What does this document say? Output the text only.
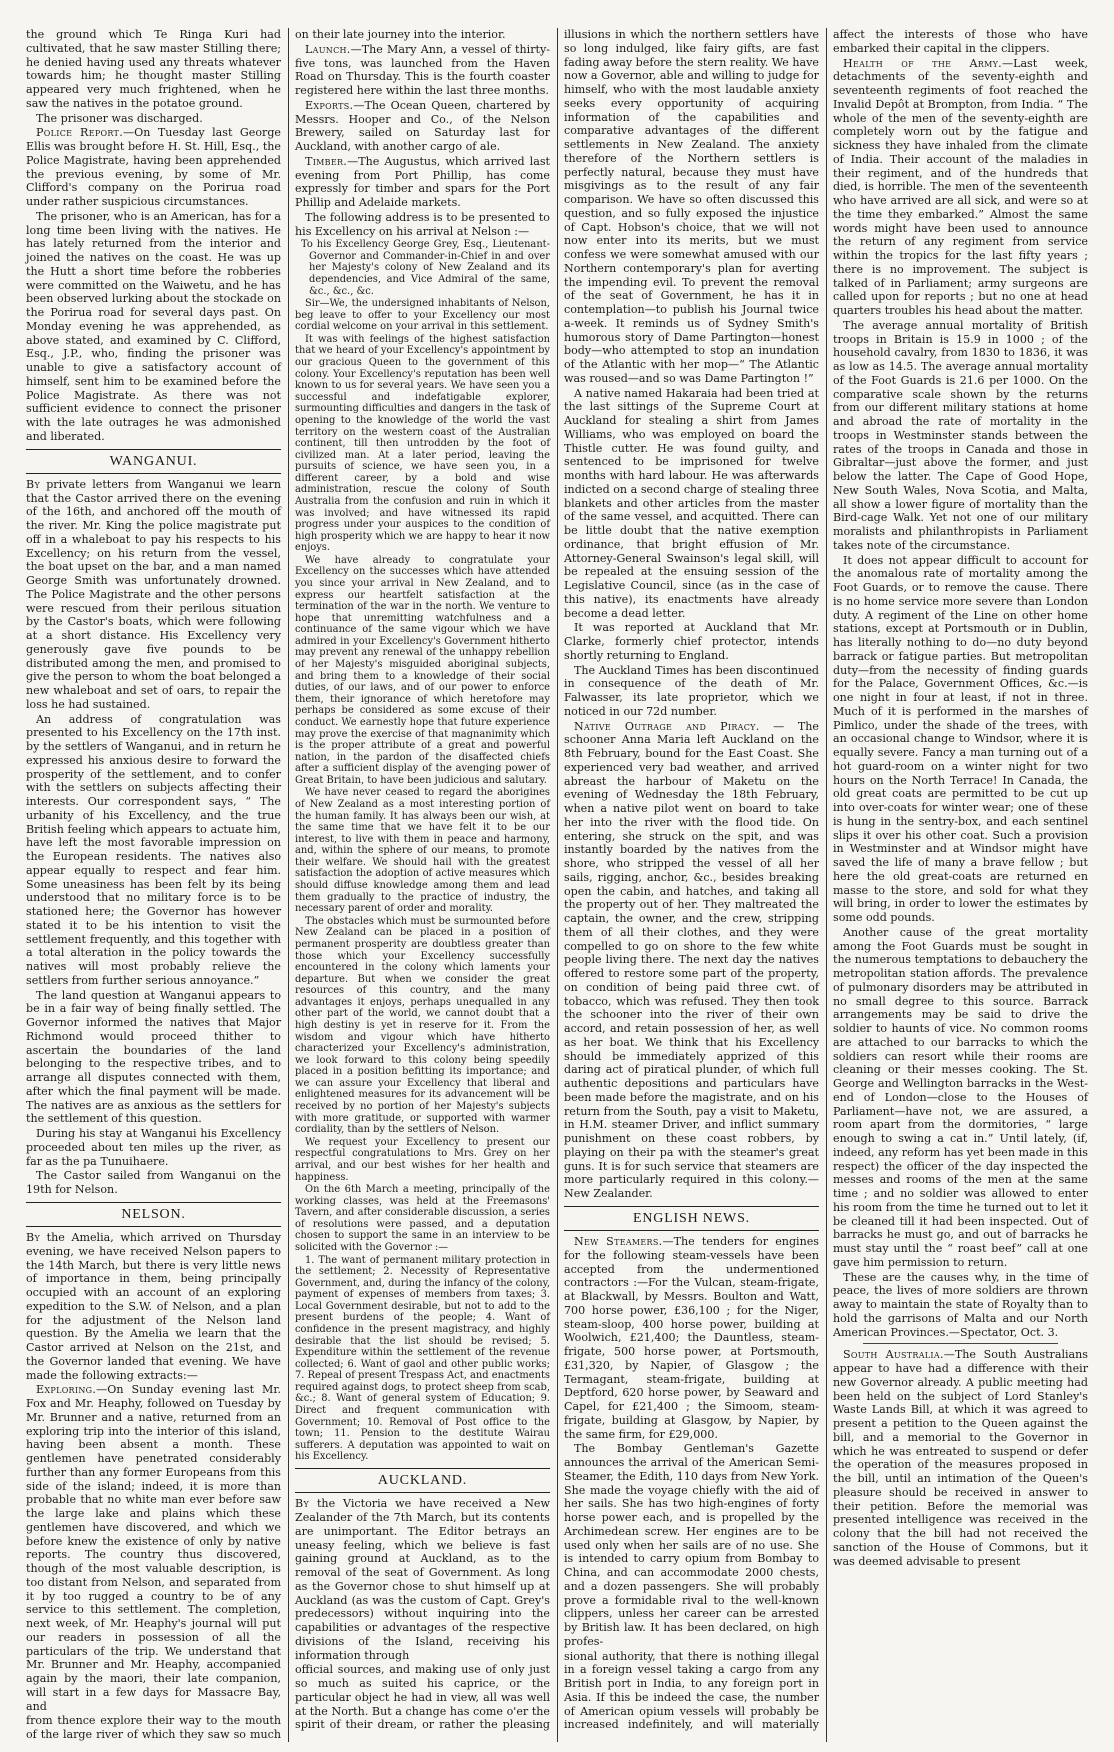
the ground which Te Ringa Kuri had cultivated, that he saw master Stilling there; he denied having used any threats whatever towards him; he thought master Stilling appeared very much frightened, when he saw the natives in the potatoe ground.

The prisoner was discharged.

Police Report.—On Tuesday last George Ellis was brought before H. St. Hill, Esq., the Police Magistrate, having been apprehended the previous evening, by some of Mr. Clifford's company on the Porirua road under rather suspicious circumstances.

The prisoner, who is an American, has for a long time been living with the natives. He has lately returned from the interior and joined the natives on the coast. He was up the Hutt a short time before the robberies were committed on the Waiwetu, and he has been observed lurking about the stockade on the Porirua road for several days past. On Monday evening he was apprehended, as above stated, and examined by C. Clifford, Esq., J.P., who, finding the prisoner was unable to give a satisfactory account of himself, sent him to be examined before the Police Magistrate. As there was not sufficient evidence to connect the prisoner with the late outrages he was admonished and liberated.

WANGANUI.

By private letters from Wanganui we learn that the Castor arrived there on the evening of the 16th, and anchored off the mouth of the river. Mr. King the police magistrate put off in a whaleboat to pay his respects to his Excellency; on his return from the vessel, the boat upset on the bar, and a man named George Smith was unfortunately drowned. The Police Magistrate and the other persons were rescued from their perilous situation by the Castor's boats, which were following at a short distance. His Excellency very generously gave five pounds to be distributed among the men, and promised to give the person to whom the boat belonged a new whaleboat and set of oars, to repair the loss he had sustained.

An address of congratulation was presented to his Excellency on the 17th inst. by the settlers of Wanganui, and in return he expressed his anxious desire to forward the prosperity of the settlement, and to confer with the settlers on subjects affecting their interests. Our correspondent says, “ The urbanity of his Excellency, and the true British feeling which appears to actuate him, have left the most favorable impression on the European residents. The natives also appear equally to respect and fear him. Some uneasiness has been felt by its being understood that no military force is to be stationed here; the Governor has however stated it to be his intention to visit the settlement frequently, and this together with a total alteration in the policy towards the natives will most probably relieve the settlers from further serious annoyance.”

The land question at Wanganui appears to be in a fair way of being finally settled. The Governor informed the natives that Major Richmond would proceed thither to ascertain the boundaries of the land belonging to the respective tribes, and to arrange all disputes connected with them, after which the final payment will be made. The natives are as anxious as the settlers for the settlement of this question.

During his stay at Wanganui his Excellency proceeded about ten miles up the river, as far as the pa Tunuihaere.

The Castor sailed from Wanganui on the 19th for Nelson.

NELSON.

By the Amelia, which arrived on Thursday evening, we have received Nelson papers to the 14th March, but there is very little news of importance in them, being principally occupied with an account of an exploring expedition to the S.W. of Nelson, and a plan for the adjustment of the Nelson land question. By the Amelia we learn that the Castor arrived at Nelson on the 21st, and the Governor landed that evening. We have made the following extracts:—

Exploring.—On Sunday evening last Mr. Fox and Mr. Heaphy, followed on Tuesday by Mr. Brunner and a native, returned from an exploring trip into the interior of this island, having been absent a month. These gentlemen have penetrated considerably further than any former Europeans from this side of the island; indeed, it is more than probable that no white man ever before saw the large lake and plains which these gentlemen have discovered, and which we before knew the existence of only by native reports. The country thus discovered, though of the most valuable description, is too distant from Nelson, and separated from it by too rugged a country to be of any service to this settlement. The completion, next week, of Mr. Heaphy's journal will put our readers in possession of all the particulars of the trip. We understand that Mr. Brunner and Mr. Heaphy, accompanied again by the maori, their late companion, will start in a few days for Massacre Bay, and

from thence explore their way to the mouth of the large river of which they saw so much on their late journey into the interior.

Launch.—The Mary Ann, a vessel of thirty-five tons, was launched from the Haven Road on Thursday. This is the fourth coaster registered here within the last three months.

Exports.—The Ocean Queen, chartered by Messrs. Hooper and Co., of the Nelson Brewery, sailed on Saturday last for Auckland, with another cargo of ale.

Timber.—The Augustus, which arrived last evening from Port Phillip, has come expressly for timber and spars for the Port Phillip and Adelaide markets.

The following address is to be presented to his Excellency on his arrival at Nelson :—

To his Excellency George Grey, Esq., Lieutenant-Governor and Commander-in-Chief in and over her Majesty's colony of New Zealand and its dependencies, and Vice Admiral of the same, &c., &c., &c.

Sir—We, the undersigned inhabitants of Nelson, beg leave to offer to your Excellency our most cordial welcome on your arrival in this settlement.

It was with feelings of the highest satisfaction that we heard of your Excellency's appointment by our gracious Queen to the government of this colony. Your Excellency's reputation has been well known to us for several years. We have seen you a successful and indefatigable explorer, surmounting difficulties and dangers in the task of opening to the knowledge of the world the vast territory on the western coast of the Australian continent, till then untrodden by the foot of civilized man. At a later period, leaving the pursuits of science, we have seen you, in a different career, by a bold and wise administration, rescue the colony of South Australia from the confusion and ruin in which it was involved; and have witnessed its rapid progress under your auspices to the condition of high prosperity which we are happy to hear it now enjoys.

We have already to congratulate your Excellency on the successes which have attended you since your arrival in New Zealand, and to express our heartfelt satisfaction at the termination of the war in the north. We venture to hope that unremitting watchfulness and a continuance of the same vigour which we have admired in your Excellency's Government hitherto may prevent any renewal of the unhappy rebellion of her Majesty's misguided aboriginal subjects, and bring them to a knowledge of their social duties, of our laws, and of our power to enforce them, their ignorance of which heretofore may perhaps be considered as some excuse of their conduct. We earnestly hope that future experience may prove the exercise of that magnanimity which is the proper attribute of a great and powerful nation, in the pardon of the disaffected chiefs after a sufficient display of the avenging power of Great Britain, to have been judicious and salutary.

We have never ceased to regard the aborigines of New Zealand as a most interesting portion of the human family. It has always been our wish, at the same time that we have felt it to be our interest, to live with them in peace and harmony, and, within the sphere of our means, to promote their welfare. We should hail with the greatest satisfaction the adoption of active measures which should diffuse knowledge among them and lead them gradually to the practice of industry, the necessary parent of order and morality.

The obstacles which must be surmounted before New Zealand can be placed in a position of permanent prosperity are doubtless greater than those which your Excellency successfully encountered in the colony which laments your departure. But when we consider the great resources of this country, and the many advantages it enjoys, perhaps unequalled in any other part of the world, we cannot doubt that a high destiny is yet in reserve for it. From the wisdom and vigour which have hitherto characterized your Excellency's administration, we look forward to this colony being speedily placed in a position befitting its importance; and we can assure your Excellency that liberal and enlightened measures for its advancement will be received by no portion of her Majesty's subjects with more gratitude, or supported with warmer cordiality, than by the settlers of Nelson.

We request your Excellency to present our respectful congratulations to Mrs. Grey on her arrival, and our best wishes for her health and happiness.

On the 6th March a meeting, principally of the working classes, was held at the Freemasons' Tavern, and after considerable discussion, a series of resolutions were passed, and a deputation chosen to support the same in an interview to be solicited with the Governor :—

1. The want of permanent military protection in the settlement; 2. Necessity of Representative Government, and, during the infancy of the colony, payment of expenses of members from taxes; 3. Local Government desirable, but not to add to the present burdens of the people; 4. Want of confidence in the present magistracy, and highly desirable that the list should be revised; 5. Expenditure within the settlement of the revenue collected; 6. Want of gaol and other public works; 7. Repeal of present Trespass Act, and enactments required against dogs, to protect sheep from scab, &c.; 8. Want of general system of Education; 9. Direct and frequent communication with Government; 10. Removal of Post office to the town; 11. Pension to the destitute Wairau sufferers. A deputation was appointed to wait on his Excellency.

AUCKLAND.

By the Victoria we have received a New Zealander of the 7th March, but its contents are unimportant. The Editor betrays an uneasy feeling, which we believe is fast gaining ground at Auckland, as to the removal of the seat of Government. As long as the Governor chose to shut himself up at Auckland (as was the custom of Capt. Grey's predecessors) without inquiring into the capabilities or advantages of the respective divisions of the Island, receiving his information through

official sources, and making use of only just so much as suited his caprice, or the particular object he had in view, all was well at the North. But a change has come o'er the spirit of their dream, or rather the pleasing illusions in which the northern settlers have so long indulged, like fairy gifts, are fast fading away before the stern reality. We have now a Governor, able and willing to judge for himself, who with the most laudable anxiety seeks every opportunity of acquiring information of the capabilities and comparative advantages of the different settlements in New Zealand. The anxiety therefore of the Northern settlers is perfectly natural, because they must have misgivings as to the result of any fair comparison. We have so often discussed this question, and so fully exposed the injustice of Capt. Hobson's choice, that we will not now enter into its merits, but we must confess we were somewhat amused with our Northern contemporary's plan for averting the impending evil. To prevent the removal of the seat of Government, he has it in contemplation—to publish his Journal twice a-week. It reminds us of Sydney Smith's humorous story of Dame Partington—honest body—who attempted to stop an inundation of the Atlantic with her mop—“ The Atlantic was roused—and so was Dame Partington !”

A native named Hakaraia had been tried at the last sittings of the Supreme Court at Auckland for stealing a shirt from James Williams, who was employed on board the Thistle cutter. He was found guilty, and sentenced to be imprisoned for twelve months with hard labour. He was afterwards indicted on a second charge of stealing three blankets and other articles from the master of the same vessel, and acquitted. There can be little doubt that the native exemption ordinance, that bright effusion of Mr. Attorney-General Swainson's legal skill, will be repealed at the ensuing session of the Legislative Council, since (as in the case of this native), its enactments have already become a dead letter.

It was reported at Auckland that Mr. Clarke, formerly chief protector, intends shortly returning to England.

The Auckland Times has been discontinued in consequence of the death of Mr. Falwasser, its late proprietor, which we noticed in our 72d number.

Native Outrage and Piracy. — The schooner Anna Maria left Auckland on the 8th February, bound for the East Coast. She experienced very bad weather, and arrived abreast the harbour of Maketu on the evening of Wednesday the 18th February, when a native pilot went on board to take her into the river with the flood tide. On entering, she struck on the spit, and was instantly boarded by the natives from the shore, who stripped the vessel of all her sails, rigging, anchor, &c., besides breaking open the cabin, and hatches, and taking all the property out of her. They maltreated the captain, the owner, and the crew, stripping them of all their clothes, and they were compelled to go on shore to the few white people living there. The next day the natives offered to restore some part of the property, on condition of being paid three cwt. of tobacco, which was refused. They then took the schooner into the river of their own accord, and retain possession of her, as well as her boat. We think that his Excellency should be immediately apprized of this daring act of piratical plunder, of which full authentic depositions and particulars have been made before the magistrate, and on his return from the South, pay a visit to Maketu, in H.M. steamer Driver, and inflict summary punishment on these coast robbers, by playing on their pa with the steamer's great guns. It is for such service that steamers are more particularly required in this colony.—New Zealander.

ENGLISH NEWS.

New Steamers.—The tenders for engines for the following steam-vessels have been accepted from the undermentioned contractors :—For the Vulcan, steam-frigate, at Blackwall, by Messrs. Boulton and Watt, 700 horse power, £36,100 ; for the Niger, steam-sloop, 400 horse power, building at Woolwich, £21,400; the Dauntless, steam-frigate, 500 horse power, at Portsmouth, £31,320, by Napier, of Glasgow ; the Termagant, steam-frigate, building at Deptford, 620 horse power, by Seaward and Capel, for £21,400 ; the Simoom, steam-frigate, building at Glasgow, by Napier, by the same firm, for £29,000.

The Bombay Gentleman's Gazette announces the arrival of the American Semi-Steamer, the Edith, 110 days from New York. She made the voyage chiefly with the aid of her sails. She has two high-engines of forty horse power each, and is propelled by the Archimedean screw. Her engines are to be used only when her sails are of no use. She is intended to carry opium from Bombay to China, and can accommodate 2000 chests, and a dozen passengers. She will probably prove a formidable rival to the well-known clippers, unless her career can be arrested by British law. It has been declared, on high profes-

sional authority, that there is nothing illegal in a foreign vessel taking a cargo from any British port in India, to any foreign port in Asia. If this be indeed the case, the number of American opium vessels will probably be increased indefinitely, and will materially affect the interests of those who have embarked their capital in the clippers.

Health of the Army.—Last week, detachments of the seventy-eighth and seventeenth regiments of foot reached the Invalid Depôt at Brompton, from India. “ The whole of the men of the seventy-eighth are completely worn out by the fatigue and sickness they have inhaled from the climate of India. Their account of the maladies in their regiment, and of the hundreds that died, is horrible. The men of the seventeenth who have arrived are all sick, and were so at the time they embarked.” Almost the same words might have been used to announce the return of any regiment from service within the tropics for the last fifty years ; there is no improvement. The subject is talked of in Parliament; army surgeons are called upon for reports ; but no one at head quarters troubles his head about the matter.

The average annual mortality of British troops in Britain is 15.9 in 1000 ; of the household cavalry, from 1830 to 1836, it was as low as 14.5. The average annual mortality of the Foot Guards is 21.6 per 1000. On the comparative scale shown by the returns from our different military stations at home and abroad the rate of mortality in the troops in Westminster stands between the rates of the troops in Canada and those in Gibraltar—just above the former, and just below the latter. The Cape of Good Hope, New South Wales, Nova Scotia, and Malta, all show a lower figure of mortality than the Bird-cage Walk. Yet not one of our military moralists and philanthropists in Parliament takes note of the circumstance.

It does not appear difficult to account for the anomalous rate of mortality among the Foot Guards, or to remove the cause. There is no home service more severe than London duty. A regiment of the Line on other home stations, except at Portsmouth or in Dublin, has literally nothing to do—no duty beyond barrack or fatigue parties. But metropolitan duty—from the necessity of finding guards for the Palace, Government Offices, &c.—is one night in four at least, if not in three. Much of it is performed in the marshes of Pimlico, under the shade of the trees, with an occasional change to Windsor, where it is equally severe. Fancy a man turning out of a hot guard-room on a winter night for two hours on the North Terrace! In Canada, the old great coats are permitted to be cut up into over-coats for winter wear; one of these is hung in the sentry-box, and each sentinel slips it over his other coat. Such a provision in Westminster and at Windsor might have saved the life of many a brave fellow ; but here the old great-coats are returned en masse to the store, and sold for what they will bring, in order to lower the estimates by some odd pounds.

Another cause of the great mortality among the Foot Guards must be sought in the numerous temptations to debauchery the metropolitan station affords. The prevalence of pulmonary disorders may be attributed in no small degree to this source. Barrack arrangements may be said to drive the soldier to haunts of vice. No common rooms are attached to our barracks to which the soldiers can resort while their rooms are cleaning or their messes cooking. The St. George and Wellington barracks in the West-end of London—close to the Houses of Parliament—have not, we are assured, a room apart from the dormitories, “ large enough to swing a cat in.” Until lately, (if, indeed, any reform has yet been made in this respect) the officer of the day inspected the messes and rooms of the men at the same time ; and no soldier was allowed to enter his room from the time he turned out to let it be cleaned till it had been inspected. Out of barracks he must go, and out of barracks he must stay until the “ roast beef” call at one gave him permission to return.

These are the causes why, in the time of peace, the lives of more soldiers are thrown away to maintain the state of Royalty than to hold the garrisons of Malta and our North American Provinces.—Spectator, Oct. 3.

South Australia.—The South Australians appear to have had a difference with their new Governor already. A public meeting had been held on the subject of Lord Stanley's Waste Lands Bill, at which it was agreed to present a petition to the Queen against the bill, and a memorial to the Governor in which he was entreated to suspend or defer the operation of the measures proposed in the bill, until an intimation of the Queen's pleasure should be received in answer to their petition. Before the memorial was presented intelligence was received in the colony that the bill had not received the sanction of the House of Commons, but it was deemed advisable to present
